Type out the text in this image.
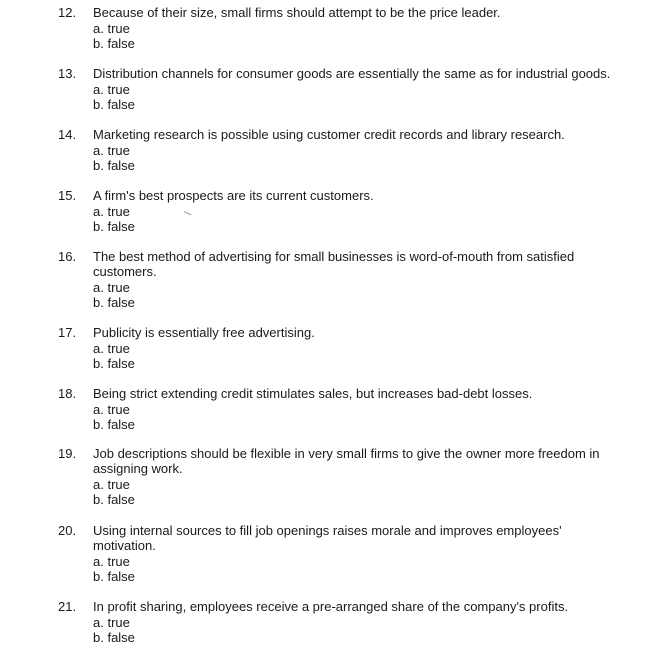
12. Because of their size, small firms should attempt to be the price leader.
a. true
b. false
13. Distribution channels for consumer goods are essentially the same as for industrial goods.
a. true
b. false
14. Marketing research is possible using customer credit records and library research.
a. true
b. false
15. A firm's best prospects are its current customers.
a. true
b. false
16. The best method of advertising for small businesses is word-of-mouth from satisfied customers.
a. true
b. false
17. Publicity is essentially free advertising.
a. true
b. false
18. Being strict extending credit stimulates sales, but increases bad-debt losses.
a. true
b. false
19. Job descriptions should be flexible in very small firms to give the owner more freedom in assigning work.
a. true
b. false
20. Using internal sources to fill job openings raises morale and improves employees' motivation.
a. true
b. false
21. In profit sharing, employees receive a pre-arranged share of the company's profits.
a. true
b. false
